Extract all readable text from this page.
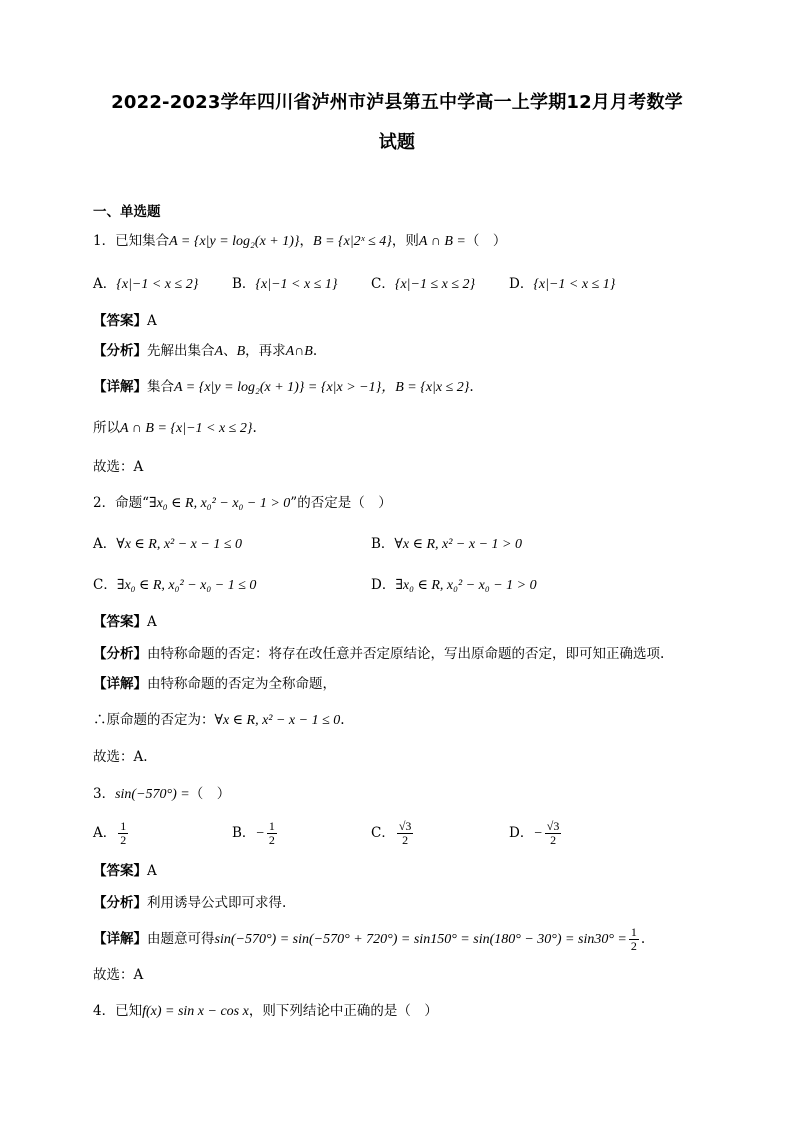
2022-2023学年四川省泸州市泸县第五中学高一上学期12月月考数学
试题
一、单选题
1．已知集合A = {x|y = log₂(x + 1)}，B = {x|2ˣ ≤ 4}，则A ∩ B =（　）
A．{x|−1 < x ≤ 2} B．{x|−1 < x ≤ 1} C．{x|−1 ≤ x ≤ 2}	D．{x|−1 < x ≤ 1}
【答案】A
【分析】先解出集合A、B，再求A∩B.
【详解】集合A = {x|y = log₂(x + 1)} = {x|x > −1}，B = {x|x ≤ 2}.
所以A ∩ B = {x|−1 < x ≤ 2}.
故选：A
2．命题“∃x₀ ∈ R, x₀² − x₀ − 1 > 0”的否定是（　）
A．∀x ∈ R, x² − x − 1 ≤ 0	B．∀x ∈ R, x² − x − 1 > 0
C．∃x₀ ∈ R, x₀² − x₀ − 1 ≤ 0	D．∃x₀ ∈ R, x₀² − x₀ − 1 > 0
【答案】A
【分析】由特称命题的否定：将存在改任意并否定原结论，写出原命题的否定，即可知正确选项.
【详解】由特称命题的否定为全称命题，
∴原命题的否定为：∀x ∈ R, x² − x − 1 ≤ 0.
故选：A.
3．sin(−570°) =（　）
A． $\frac{1}{2}$	B．− $\frac{1}{2}$	C． $\frac{√3}{2}$	D．− $\frac{√3}{2}$
【答案】A
【分析】利用诱导公式即可求得.
【详解】由题意可得$\sin(-570^\circ) = \sin(-570^\circ + 720^\circ) = \sin 150^\circ = \sin(180^\circ - 30^\circ) = \sin 30^\circ = \frac{1}{2}$ .
故选：A
4．已知f(x) = sin x − cos x，则下列结论中正确的是（　）
